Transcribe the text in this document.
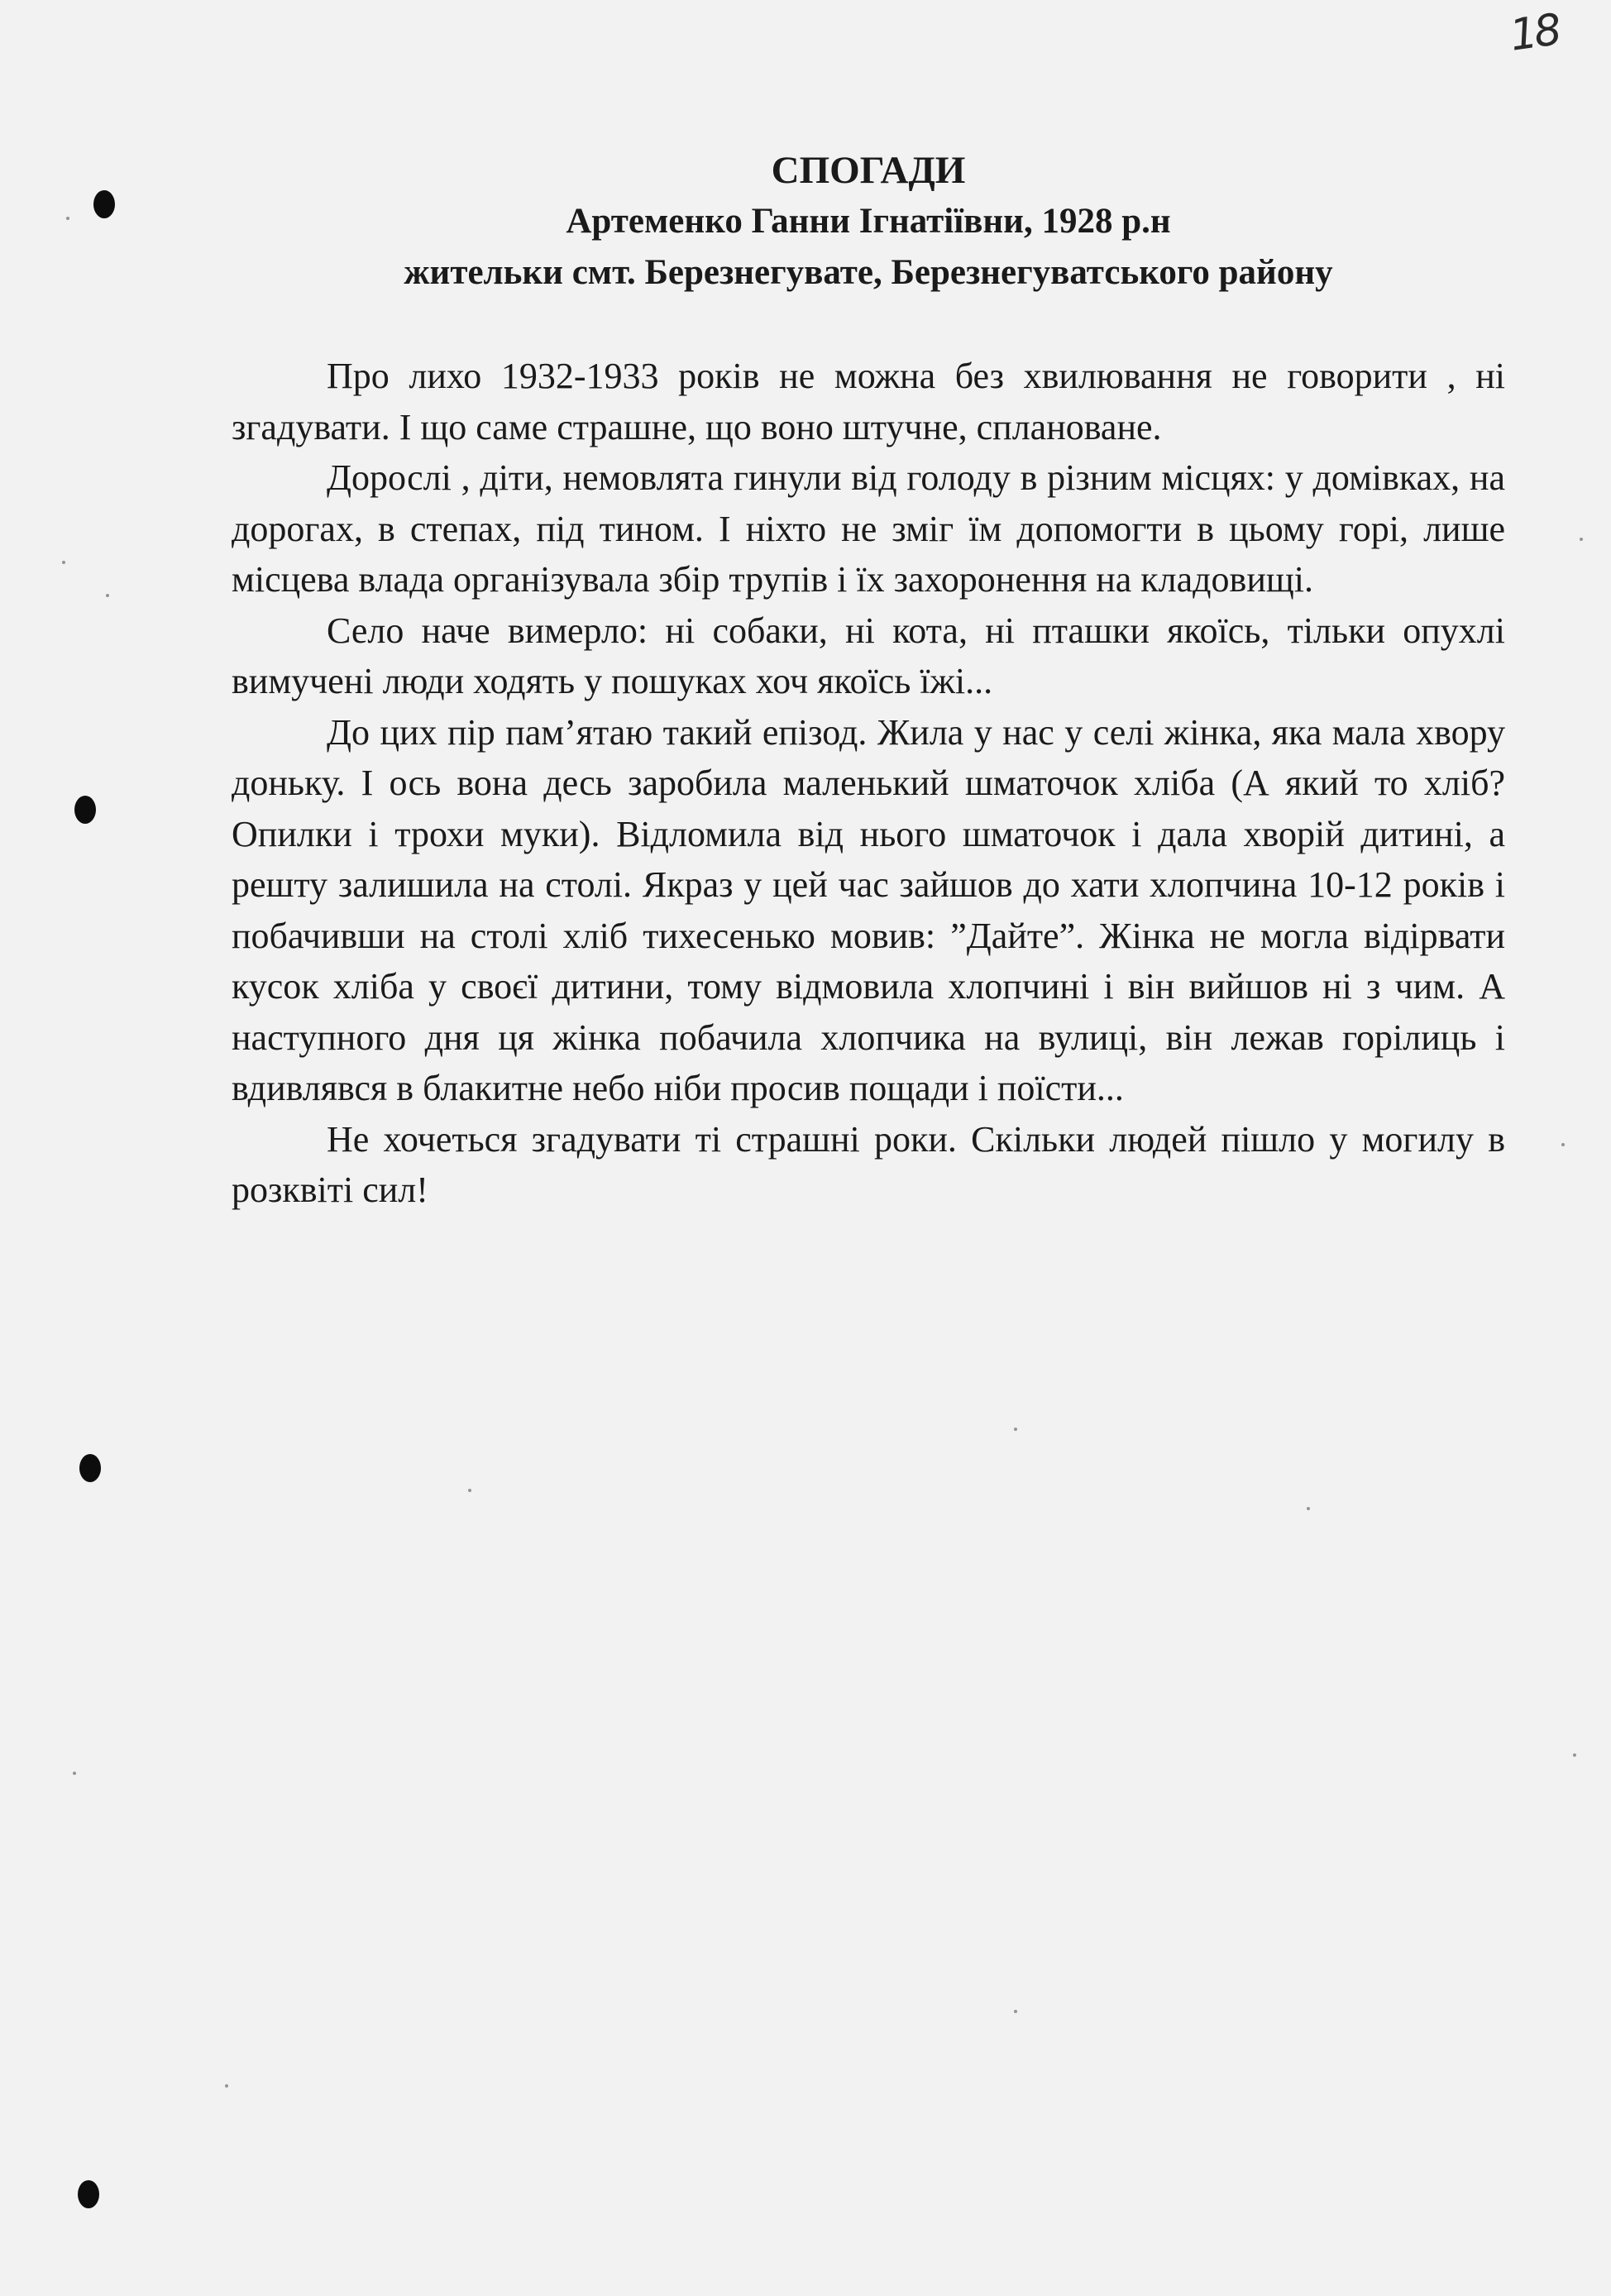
18

СПОГАДИ

Артеменко Ганни Ігнатіївни, 1928 р.н

жительки смт. Березнегувате, Березнегуватського району

Про лихо 1932-1933 років не можна без хвилювання не говорити , ні згадувати. І що саме страшне, що воно штучне, сплановане.

Дорослі , діти, немовлята гинули від голоду в різним місцях: у домівках, на дорогах, в степах, під тином. І ніхто не зміг їм допомогти в цьому горі, лише місцева влада організувала збір трупів і їх захоронення на кладовищі.

Село наче вимерло: ні собаки, ні кота, ні пташки якоїсь, тільки опухлі вимучені люди ходять у пошуках хоч якоїсь їжі...

До цих пір пам’ятаю такий епізод. Жила у нас у селі жінка, яка мала хвору доньку. І ось вона десь заробила маленький шматочок хліба (А який то хліб? Опилки і трохи муки). Відломила від нього шматочок і дала хворій дитині, а решту залишила на столі. Якраз у цей час зайшов до хати хлопчина 10-12 років і побачивши на столі хліб тихесенько мовив: ”Дайте”. Жінка не могла відірвати кусок хліба у своєї дитини, тому відмовила хлопчині і він вийшов ні з чим. А наступного дня ця жінка побачила хлопчика на вулиці, він лежав горілиць і вдивлявся в блакитне небо ніби просив пощади і поїсти...

Не хочеться згадувати ті страшні роки. Скільки людей пішло у могилу в розквіті сил!
